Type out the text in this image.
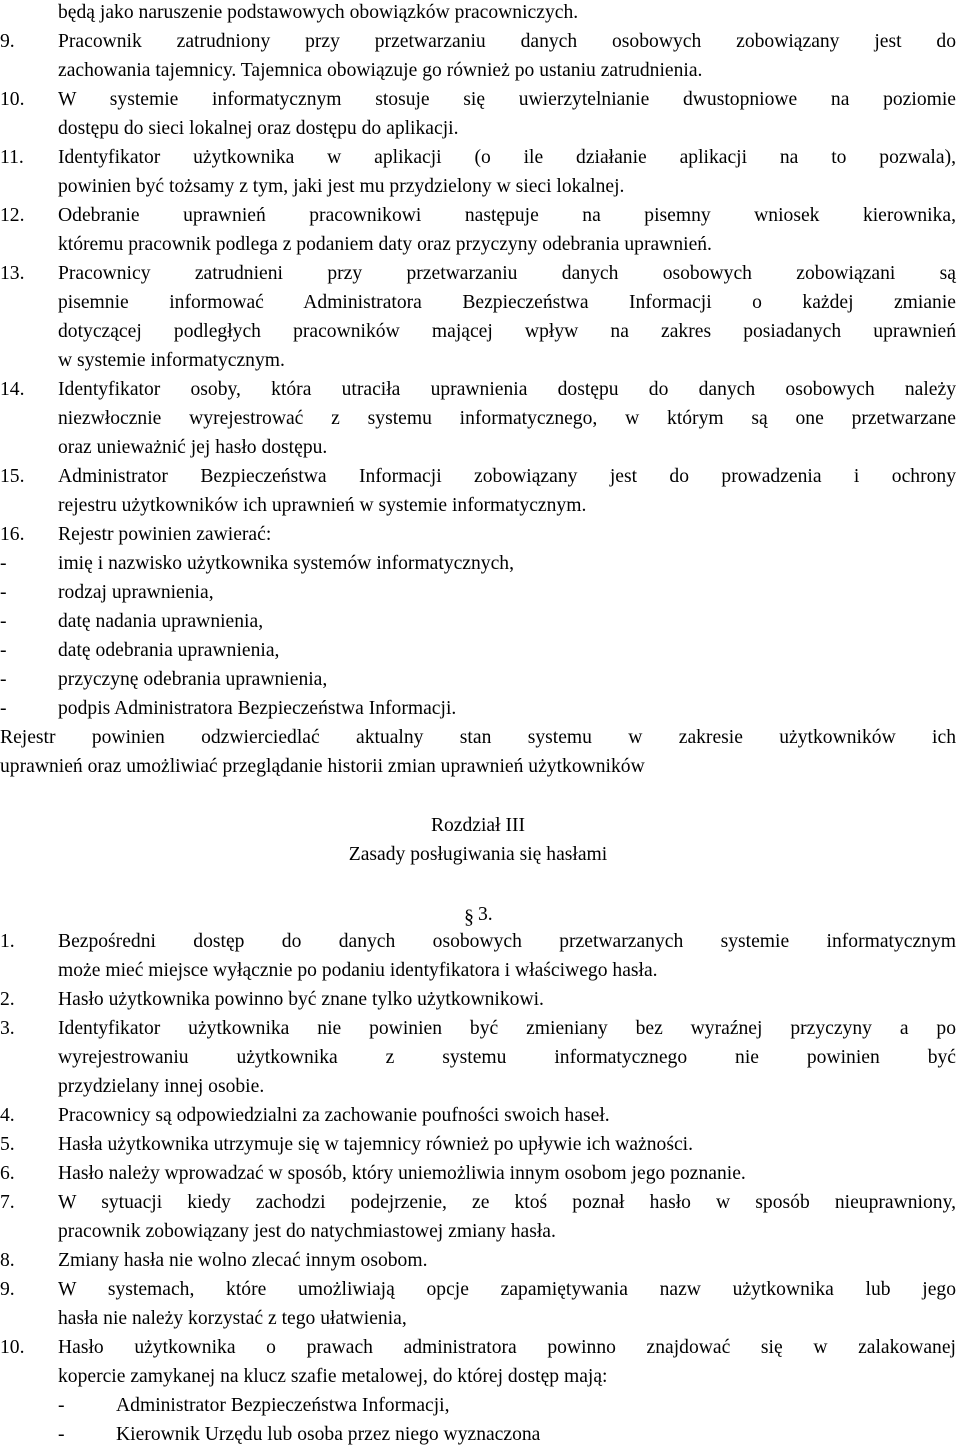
będą jako naruszenie podstawowych obowiązków pracowniczych.
9. Pracownik zatrudniony przy przetwarzaniu danych osobowych zobowiązany jest do
zachowania tajemnicy. Tajemnica obowiązuje go również po ustaniu zatrudnienia.
10. W systemie informatycznym stosuje się uwierzytelnianie dwustopniowe na poziomie
dostępu do sieci lokalnej oraz dostępu do aplikacji.
11. Identyfikator użytkownika w aplikacji (o ile działanie aplikacji na to pozwala),
powinien być tożsamy z tym, jaki jest mu przydzielony w sieci lokalnej.
12. Odebranie uprawnień pracownikowi następuje na pisemny wniosek kierownika,
któremu pracownik podlega z podaniem daty oraz przyczyny odebrania uprawnień.
13. Pracownicy zatrudnieni przy przetwarzaniu danych osobowych zobowiązani są
pisemnie informować Administratora Bezpieczeństwa Informacji o każdej zmianie
dotyczącej podległych pracowników mającej wpływ na zakres posiadanych uprawnień
w systemie informatycznym.
14. Identyfikator osoby, która utraciła uprawnienia dostępu do danych osobowych należy
niezwłocznie wyrejestrować z systemu informatycznego, w którym są one przetwarzane
oraz unieważnić jej hasło dostępu.
15. Administrator Bezpieczeństwa Informacji zobowiązany jest do prowadzenia i ochrony
rejestru użytkowników ich uprawnień w systemie informatycznym.
16. Rejestr powinien zawierać:
-	imię i nazwisko użytkownika systemów informatycznych,
-	rodzaj uprawnienia,
-	datę nadania uprawnienia,
-	datę odebrania uprawnienia,
-	przyczynę odebrania uprawnienia,
-	podpis Administratora Bezpieczeństwa Informacji.
Rejestr powinien odzwierciedlać aktualny stan systemu w zakresie użytkowników ich
uprawnień oraz umożliwiać przeglądanie historii zmian uprawnień użytkowników
Rozdział III
Zasady posługiwania się hasłami
3.
§
1. Bezpośredni dostęp do danych osobowych przetwarzanych systemie informatycznym
może mieć miejsce wyłącznie po podaniu identyfikatora i właściwego hasła.
2. Hasło użytkownika powinno być znane tylko użytkownikowi.
3. Identyfikator użytkownika nie powinien być zmieniany bez wyraźnej przyczyny a po
wyrejestrowaniu użytkownika z systemu informatycznego nie powinien być
przydzielany innej osobie.
4. Pracownicy są odpowiedzialni za zachowanie poufności swoich haseł.
5. Hasła użytkownika utrzymuje się w tajemnicy również po upływie ich ważności.
6. Hasło należy wprowadzać w sposób, który uniemożliwia innym osobom jego poznanie.
7. W sytuacji kiedy zachodzi podejrzenie, ze ktoś poznał hasło w sposób nieuprawniony,
pracownik zobowiązany jest do natychmiastowej zmiany hasła.
8. Zmiany hasła nie wolno zlecać innym osobom.
9. W systemach, które umożliwiają opcje zapamiętywania nazw użytkownika lub jego
hasła nie należy korzystać z tego ułatwienia,
10. Hasło użytkownika o prawach administratora powinno znajdować się w zalakowanej
kopercie zamykanej na klucz szafie metalowej, do której dostęp mają:
-	Administrator Bezpieczeństwa Informacji,
-	Kierownik Urzędu lub osoba przez niego wyznaczona
